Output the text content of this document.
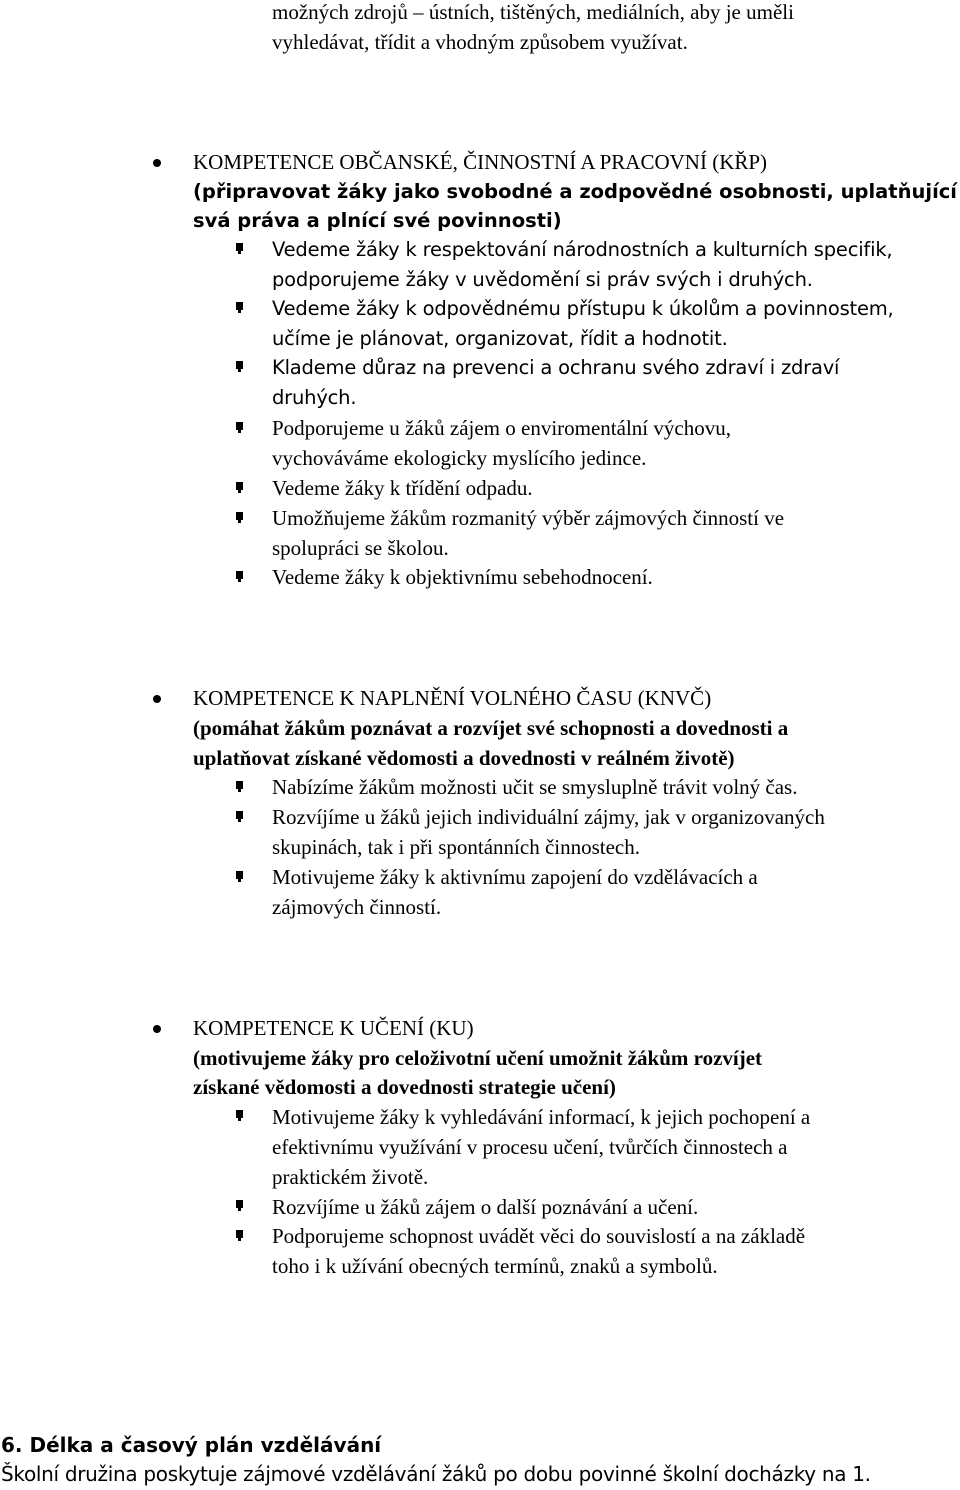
možných zdrojů – ústních, tištěných, mediálních, aby je uměli
vyhledávat, třídit a vhodným způsobem využívat.
KOMPETENCE OBČANSKÉ, ČINNOSTNÍ A PRACOVNÍ (KŘP)
(připravovat žáky jako svobodné a zodpovědné osobnosti, uplatňující
svá práva a plnící své povinnosti)
Vedeme žáky k respektování národnostních a kulturních specifik,
podporujeme žáky v uvědomění si práv svých i druhých.
Vedeme žáky k odpovědnému přístupu k úkolům a povinnostem,
učíme je plánovat, organizovat, řídit a hodnotit.
Klademe důraz na prevenci a ochranu svého zdraví i zdraví
druhých.
Podporujeme u žáků zájem o enviromentální výchovu,
vychováváme ekologicky myslícího jedince.
Vedeme žáky k třídění odpadu.
Umožňujeme žákům rozmanitý výběr zájmových činností ve
spolupráci se školou.
Vedeme žáky k objektivnímu sebehodnocení.
KOMPETENCE K NAPLNĚNÍ VOLNÉHO ČASU (KNVČ)
(pomáhat žákům poznávat a rozvíjet své schopnosti a dovednosti a
uplatňovat získané vědomosti a dovednosti v reálném životě)
Nabízíme žákům možnosti učit se smysluplně trávit volný čas.
Rozvíjíme u žáků jejich individuální zájmy, jak v organizovaných
skupinách, tak i při spontánních činnostech.
Motivujeme žáky k aktivnímu zapojení do vzdělávacích a
zájmových činností.
KOMPETENCE K UČENÍ (KU)
(motivujeme žáky pro celoživotní učení umožnit žákům rozvíjet
získané vědomosti a dovednosti strategie učení)
Motivujeme žáky k vyhledávání informací, k jejich pochopení a
efektivnímu využívání v procesu učení, tvůrčích činnostech a
praktickém životě.
Rozvíjíme u žáků zájem o další poznávání a učení.
Podporujeme schopnost uvádět věci do souvislostí a na základě
toho i k užívání obecných termínů, znaků a symbolů.
6. Délka a časový plán vzdělávání
Školní družina poskytuje zájmové vzdělávání žáků po dobu povinné školní docházky na 1.
